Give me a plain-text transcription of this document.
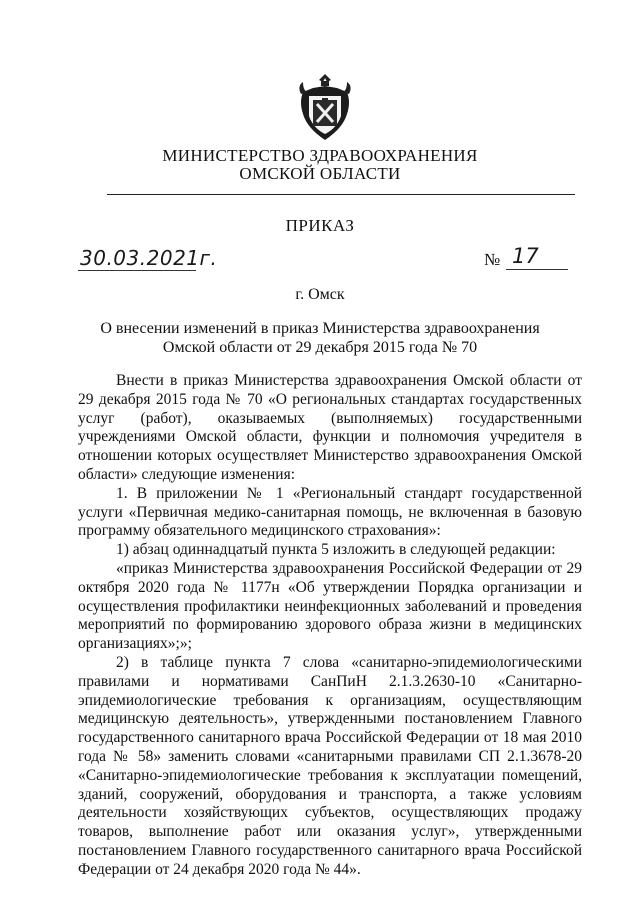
МИНИСТЕРСТВО ЗДРАВООХРАНЕНИЯ
ОМСКОЙ ОБЛАСТИ
ПРИКАЗ
30.03.2021г.	№ 17
г. Омск
О внесении изменений в приказ Министерства здравоохранения
Омской области от 29 декабря 2015 года № 70

Внести в приказ Министерства здравоохранения Омской области от 29 декабря 2015 года № 70 «О региональных стандартах государственных услуг (работ), оказываемых (выполняемых) государственными учреждениями Омской области, функции и полномочия учредителя в отношении которых осуществляет Министерство здравоохранения Омской области» следующие изменения:

1. В приложении № 1 «Региональный стандарт государственной услуги «Первичная медико-санитарная помощь, не включенная в базовую программу обязательного медицинского страхования»:

1) абзац одиннадцатый пункта 5 изложить в следующей редакции:

«приказ Министерства здравоохранения Российской Федерации от 29 октября 2020 года № 1177н «Об утверждении Порядка организации и осуществления профилактики неинфекционных заболеваний и проведения мероприятий по формированию здорового образа жизни в медицинских организациях»;»;

2) в таблице пункта 7 слова «санитарно-эпидемиологическими правилами и нормативами СанПиН 2.1.3.2630-10 «Санитарно-эпидемиологические требования к организациям, осуществляющим медицинскую деятельность», утвержденными постановлением Главного государственного санитарного врача Российской Федерации от 18 мая 2010 года № 58» заменить словами «санитарными правилами СП 2.1.3678-20 «Санитарно-эпидемиологические требования к эксплуатации помещений, зданий, сооружений, оборудования и транспорта, а также условиям деятельности хозяйствующих субъектов, осуществляющих продажу товаров, выполнение работ или оказания услуг», утвержденными постановлением Главного государственного санитарного врача Российской Федерации от 24 декабря 2020 года № 44».
